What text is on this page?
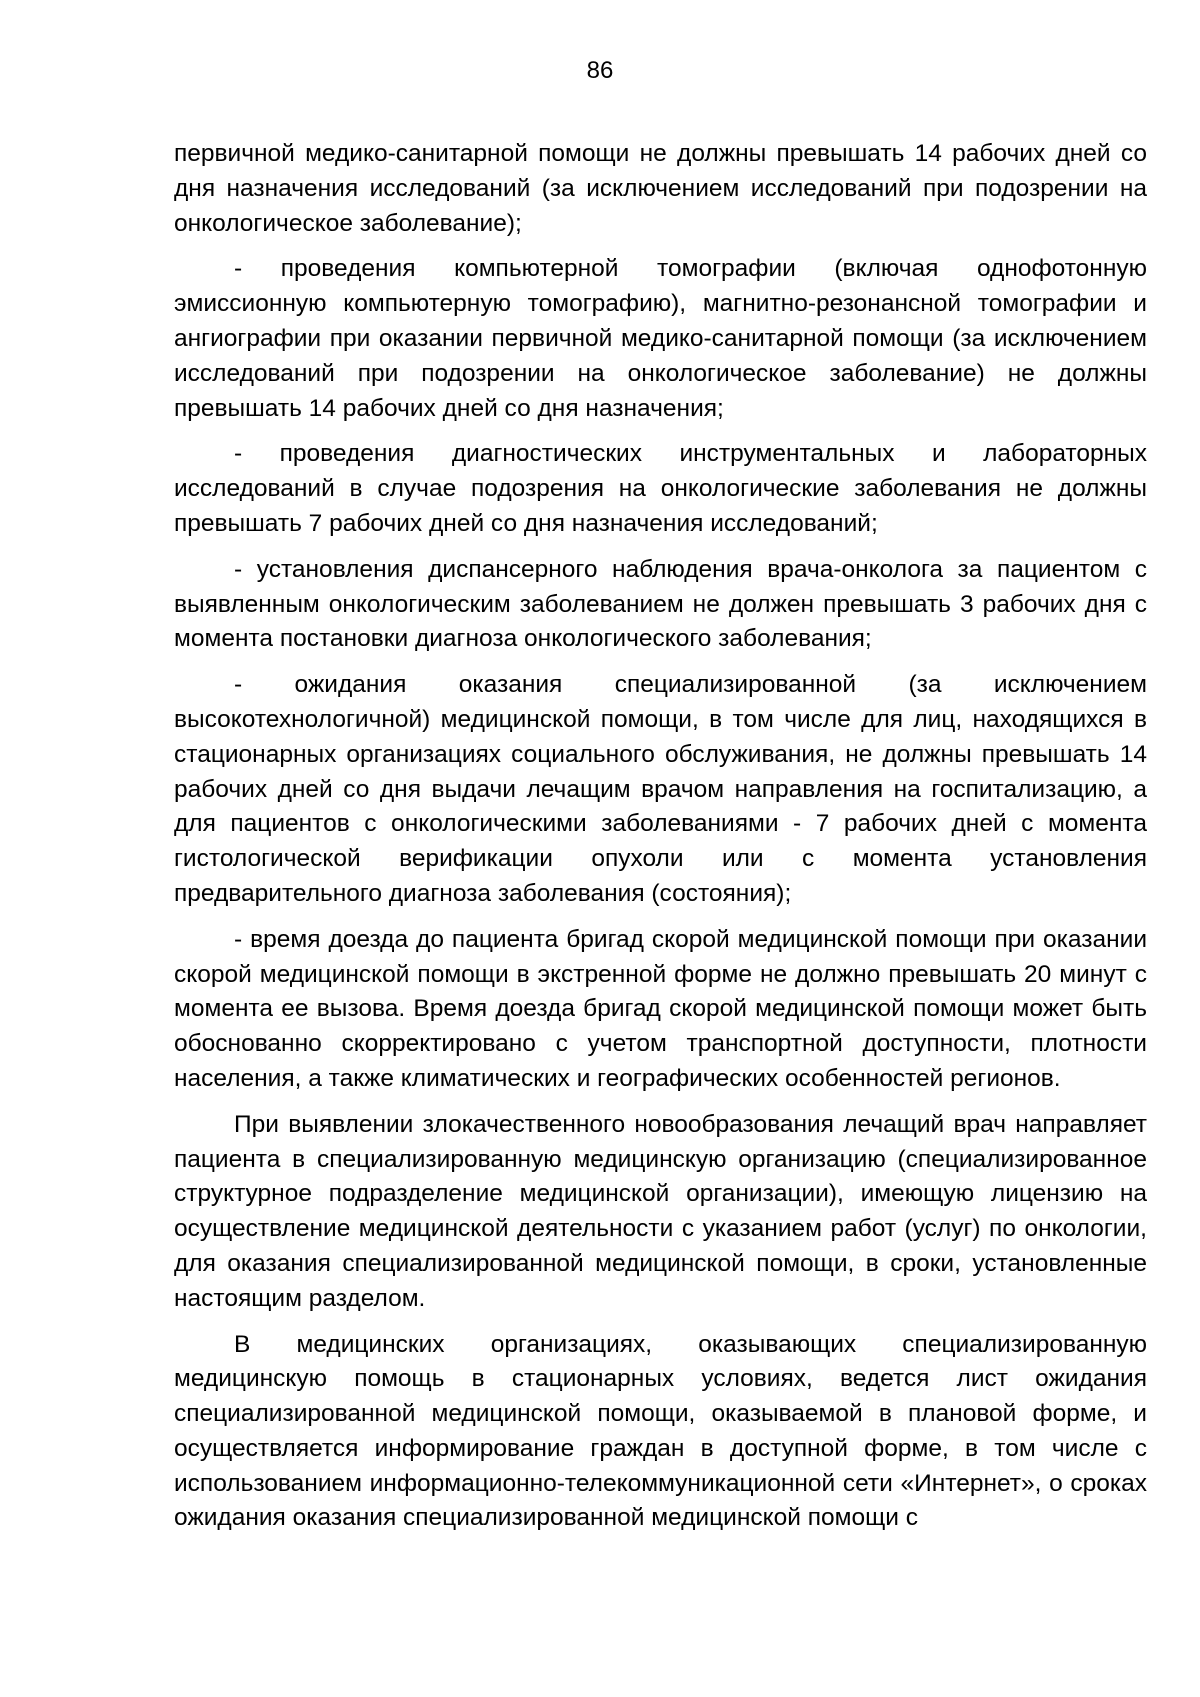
86

первичной медико-санитарной помощи не должны превышать 14 рабочих дней со дня назначения исследований (за исключением исследований при подозрении на онкологическое заболевание);

- проведения компьютерной томографии (включая однофотонную эмиссионную компьютерную томографию), магнитно-резонансной томографии и ангиографии при оказании первичной медико-санитарной помощи (за исключением исследований при подозрении на онкологическое заболевание) не должны превышать 14 рабочих дней со дня назначения;

- проведения диагностических инструментальных и лабораторных исследований в случае подозрения на онкологические заболевания не должны превышать 7 рабочих дней со дня назначения исследований;

- установления диспансерного наблюдения врача-онколога за пациентом с выявленным онкологическим заболеванием не должен превышать 3 рабочих дня с момента постановки диагноза онкологического заболевания;

- ожидания оказания специализированной (за исключением высокотехнологичной) медицинской помощи, в том числе для лиц, находящихся в стационарных организациях социального обслуживания, не должны превышать 14 рабочих дней со дня выдачи лечащим врачом направления на госпитализацию, а для пациентов с онкологическими заболеваниями - 7 рабочих дней с момента гистологической верификации опухоли или с момента установления предварительного диагноза заболевания (состояния);

- время доезда до пациента бригад скорой медицинской помощи при оказании скорой медицинской помощи в экстренной форме не должно превышать 20 минут с момента ее вызова. Время доезда бригад скорой медицинской помощи может быть обоснованно скорректировано с учетом транспортной доступности, плотности населения, а также климатических и географических особенностей регионов.

При выявлении злокачественного новообразования лечащий врач направляет пациента в специализированную медицинскую организацию (специализированное структурное подразделение медицинской организации), имеющую лицензию на осуществление медицинской деятельности с указанием работ (услуг) по онкологии, для оказания специализированной медицинской помощи, в сроки, установленные настоящим разделом.

В медицинских организациях, оказывающих специализированную медицинскую помощь в стационарных условиях, ведется лист ожидания специализированной медицинской помощи, оказываемой в плановой форме, и осуществляется информирование граждан в доступной форме, в том числе с использованием информационно-телекоммуникационной сети «Интернет», о сроках ожидания оказания специализированной медицинской помощи с
